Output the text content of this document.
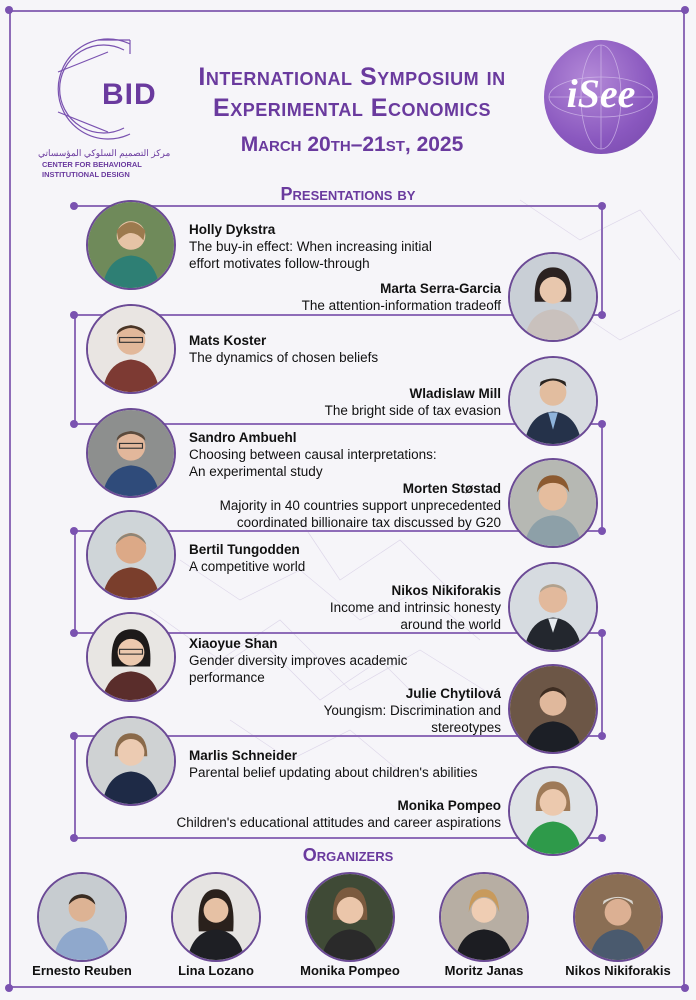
BID
مركز التصميم السلوكي المؤسساتي
CENTER FOR BEHAVIORAL
INSTITUTIONAL DESIGN
iSee
International Symposium in
Experimental Economics
March 20th–21st, 2025
Presentations by
Holly Dykstra
The buy-in effect: When increasing initial
effort motivates follow-through
Marta Serra-Garcia
The attention-information tradeoff
Mats Koster
The dynamics of chosen beliefs
Wladislaw Mill
The bright side of tax evasion
Sandro Ambuehl
Choosing between causal interpretations:
An experimental study
Morten Støstad
Majority in 40 countries support unprecedented
coordinated billionaire tax discussed by G20
Bertil Tungodden
A competitive world
Nikos Nikiforakis
Income and intrinsic honesty
around the world
Xiaoyue Shan
Gender diversity improves academic
performance
Julie Chytilová
Youngism: Discrimination and
stereotypes
Marlis Schneider
Parental belief updating about children's abilities
Monika Pompeo
Children's educational attitudes and career aspirations
Organizers
Ernesto Reuben	Lina Lozano	Monika Pompeo	Moritz Janas	Nikos Nikiforakis
